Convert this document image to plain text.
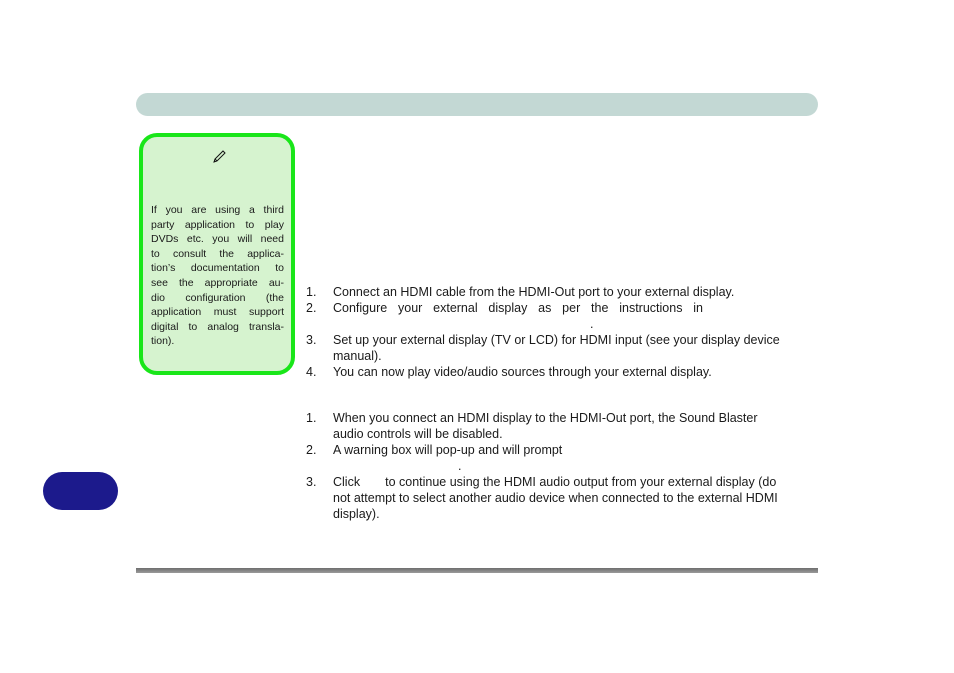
If you are using a third
party application to play
DVDs etc. you will need
to consult the applica-
tion’s documentation to
see the appropriate au-
dio configuration (the
application must support
digital to analog transla-
tion).
1. Connect an HDMI cable from the HDMI-Out port to your external display.
2. Configure your external display as per the instructions in
.
3. Set up your external display (TV or LCD) for HDMI input (see your display device
manual).
4. You can now play video/audio sources through your external display.
1. When you connect an HDMI display to the HDMI-Out port, the Sound Blaster
audio controls will be disabled.
2. A warning box will pop-up and will prompt
.
3. Click to continue using the HDMI audio output from your external display (do
not attempt to select another audio device when connected to the external HDMI
display).
